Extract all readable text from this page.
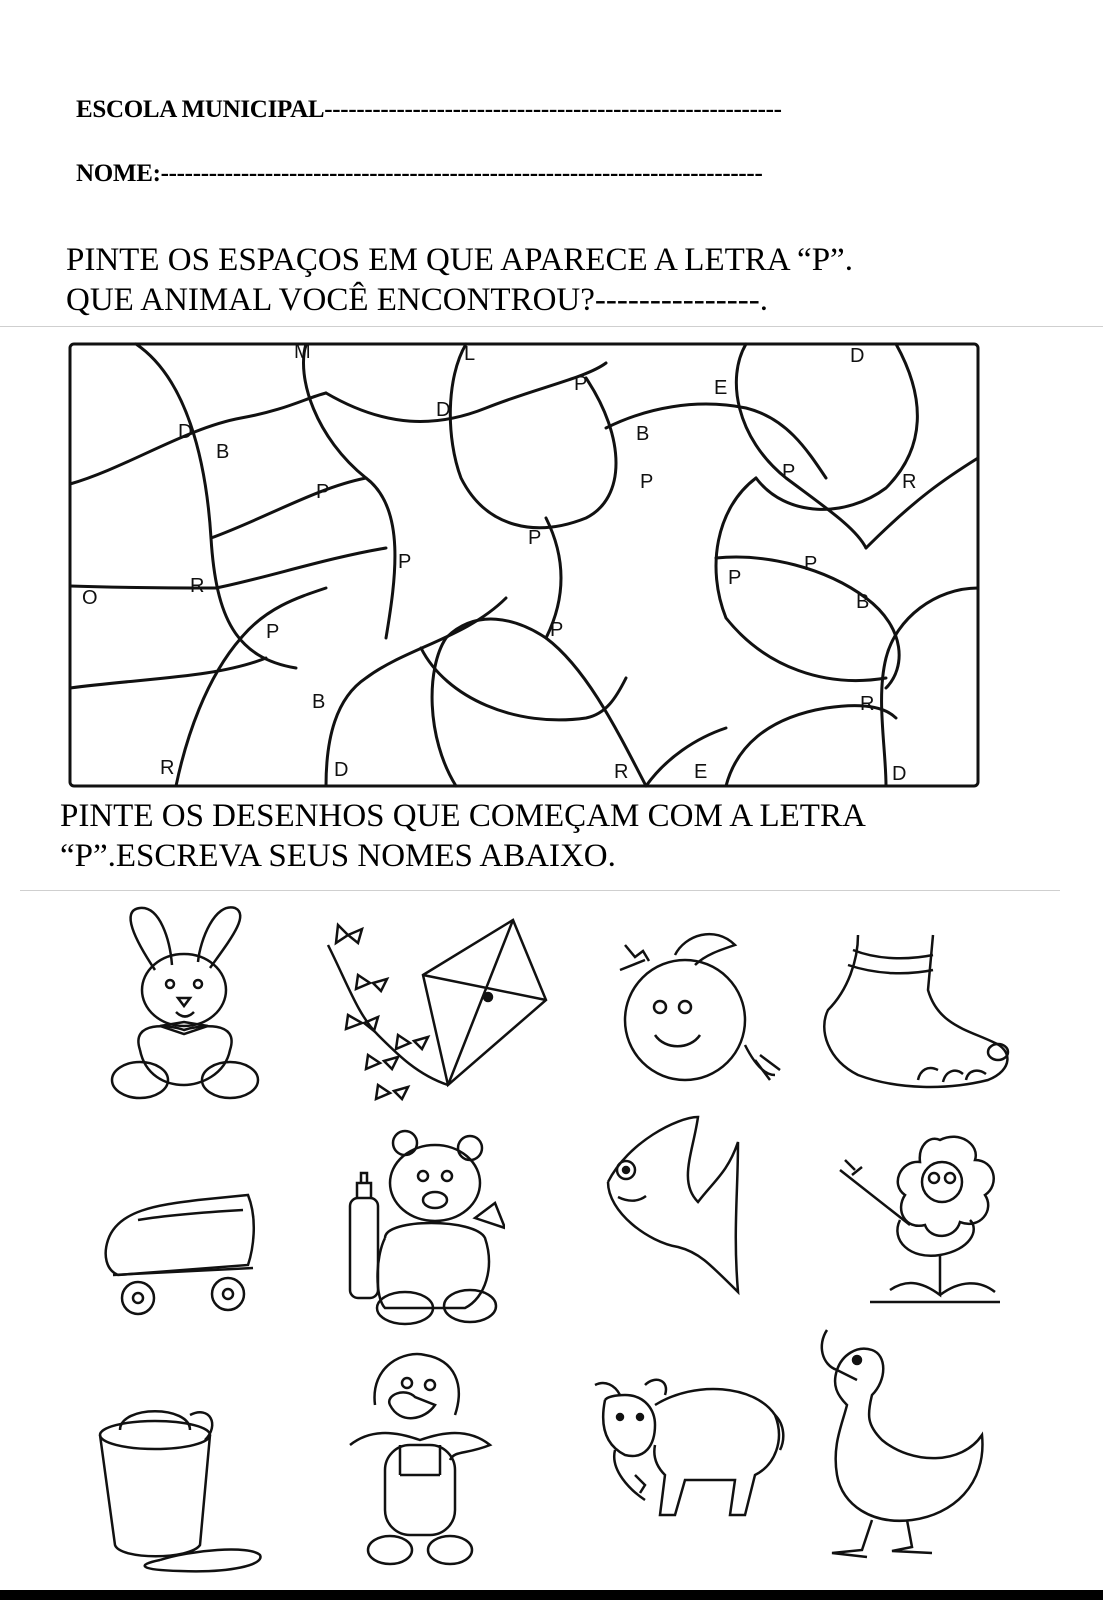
ESCOLA MUNICIPAL---------------------------------------------------------
NOME:---------------------------------------------------------------------------
PINTE OS ESPAÇOS EM QUE APARECE A LETRA “P”.
QUE ANIMAL VOCÊ ENCONTROU?---------------.
M	L
D
P	E
D
D
B
B
P	P	R
P
P
O
R
P	P
P
B
P
B	R
P
R	D	R	E	D
PINTE OS DESENHOS QUE COMEÇAM COM A LETRA
“P”.ESCREVA SEUS NOMES ABAIXO.
